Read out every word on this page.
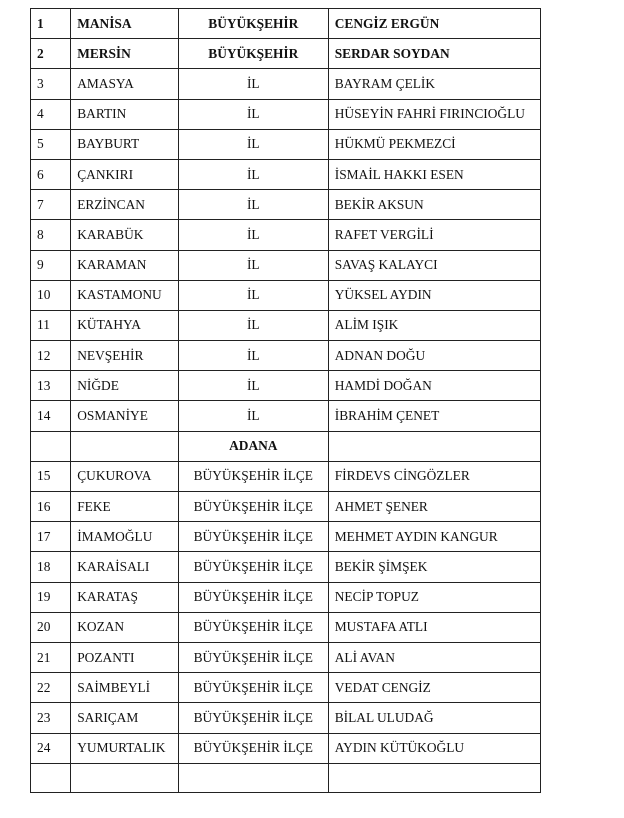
1	MANİSA	BÜYÜKŞEHİR	CENGİZ ERGÜN
2	MERSİN	BÜYÜKŞEHİR	SERDAR SOYDAN
3	AMASYA	İL	BAYRAM ÇELİK
4	BARTIN	İL	HÜSEYİN FAHRİ FIRINCIOĞLU
5	BAYBURT	İL	HÜKMÜ PEKMEZCİ
6	ÇANKIRI	İL	İSMAİL HAKKI ESEN
7	ERZİNCAN	İL	BEKİR AKSUN
8	KARABÜK	İL	RAFET VERGİLİ
9	KARAMAN	İL	SAVAŞ KALAYCI
10	KASTAMONU	İL	YÜKSEL AYDIN
11	KÜTAHYA	İL	ALİM IŞIK
12	NEVŞEHİR	İL	ADNAN DOĞU
13	NİĞDE	İL	HAMDİ DOĞAN
14	OSMANİYE	İL	İBRAHİM ÇENET
		ADANA	
15	ÇUKUROVA	BÜYÜKŞEHİR İLÇE	FİRDEVS CİNGÖZLER
16	FEKE	BÜYÜKŞEHİR İLÇE	AHMET ŞENER
17	İMAMOĞLU	BÜYÜKŞEHİR İLÇE	MEHMET AYDIN KANGUR
18	KARAİSALI	BÜYÜKŞEHİR İLÇE	BEKİR ŞİMŞEK
19	KARATAŞ	BÜYÜKŞEHİR İLÇE	NECİP TOPUZ
20	KOZAN	BÜYÜKŞEHİR İLÇE	MUSTAFA ATLI
21	POZANTI	BÜYÜKŞEHİR İLÇE	ALİ AVAN
22	SAİMBEYLİ	BÜYÜKŞEHİR İLÇE	VEDAT CENGİZ
23	SARIÇAM	BÜYÜKŞEHİR İLÇE	BİLAL ULUDAĞ
24	YUMURTALIK	BÜYÜKŞEHİR İLÇE	AYDIN KÜTÜKOĞLU
